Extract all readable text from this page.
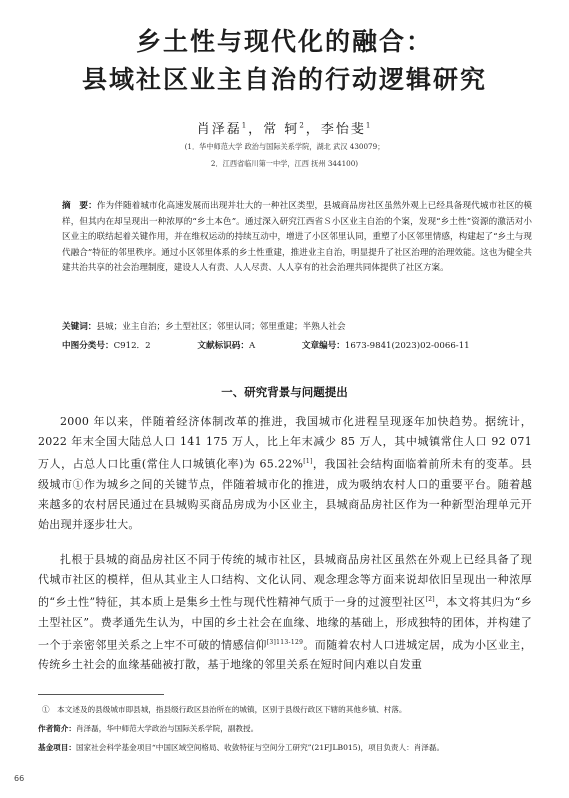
乡土性与现代化的融合：
县域社区业主自治的行动逻辑研究
肖泽磊$^1$，常 轲$^2$，李怡斐$^1$
(1．华中师范大学 政治与国际关系学院，湖北 武汉 430079；
2．江西省临川第一中学，江西 抚州 344100)
摘　要：作为伴随着城市化高速发展而出现并壮大的一种社区类型，县城商品房社区虽然外观上已经具备现代城市社区的模样，但其内在却呈现出一种浓厚的“乡土本色”。通过深入研究江西省Ｓ小区业主自治的个案，发现“乡土性”资源的激活对小区业主的联结起着关键作用，并在维权运动的持续互动中，增进了小区邻里认同，重塑了小区邻里情感，构建起了“乡土与现代融合”特征的邻里秩序。通过小区邻里体系的乡土性重建，推进业主自治，明显提升了社区治理的治理效能。这也为健全共建共治共享的社会治理制度，建设人人有责、人人尽责、人人享有的社会治理共同体提供了社区方案。
关键词：县城；业主自治；乡土型社区；邻里认同；邻里重建；半熟人社会
中图分类号：C912．2	文献标识码：A	文章编号：1673-9841(2023)02-0066-11
一、研究背景与问题提出
2000 年以来，伴随着经济体制改革的推进，我国城市化进程呈现逐年加快趋势。据统计，2022 年末全国大陆总人口 141 175 万人，比上年末减少 85 万人，其中城镇常住人口 92 071 万人，占总人口比重(常住人口城镇化率)为 65.22%[1]，我国社会结构面临着前所未有的变革。县级城市①作为城乡之间的关键节点，伴随着城市化的推进，成为吸纳农村人口的重要平台。随着越来越多的农村居民通过在县城购买商品房成为小区业主，县城商品房社区作为一种新型治理单元开始出现并逐步壮大。
扎根于县城的商品房社区不同于传统的城市社区，县城商品房社区虽然在外观上已经具备了现代城市社区的模样，但从其业主人口结构、文化认同、观念理念等方面来说却依旧呈现出一种浓厚的“乡土性”特征，其本质上是集乡土性与现代性精神气质于一身的过渡型社区[2]，本文将其归为“乡土型社区”。费孝通先生认为，中国的乡土社会在血缘、地缘的基础上，形成独特的团体，并构建了一个于亲密邻里关系之上牢不可破的情感信仰$^{[3]113-129}$。而随着农村人口进城定居，成为小区业主，传统乡土社会的血缘基础被打散，基于地缘的邻里关系在短时间内难以自发重
①　本文述及的县级城市即县城，指县级行政区县治所在的城镇，区别于县级行政区下辖的其他乡镇、村落。
作者简介：肖泽磊，华中师范大学政治与国际关系学院，副教授。
基金项目：国家社会科学基金项目“中国区域空间格局、收敛特征与空间分工研究”(21FJLB015)，项目负责人：肖泽磊。
66
